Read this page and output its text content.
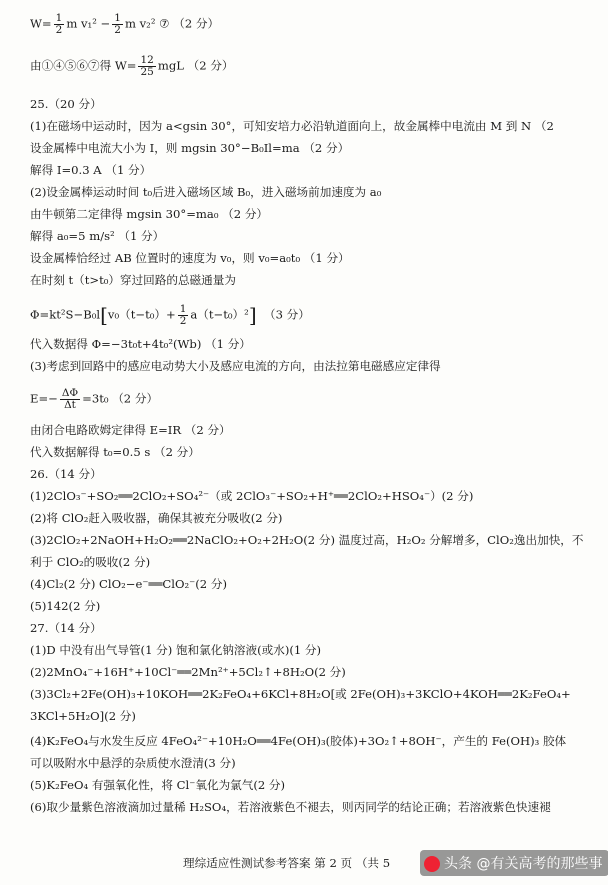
$W= \frac{1}{2}$ m $v_1^2 - \frac{1}{2}$ m v₂² ⑦ （2 分）
由①④⑤⑥⑦得 $W= \frac{12}{25}$ mgL （2 分）
25.（20 分）
(1)在磁场中运动时，因为 a<gsin 30°，可知安培力必沿轨道面向上，故金属棒中电流由 M 到 N （2
设金属棒中电流大小为 I，则 mgsin 30°−B₀Il=ma （2 分）
解得 I=0.3 A （1 分）
(2)设金属棒运动时间 t₀后进入磁场区域 B₀，进入磁场前加速度为 a₀
由牛顿第二定律得 mgsin 30°=ma₀ （2 分）
解得 a₀=5 m/s² （1 分）
设金属棒恰经过 AB 位置时的速度为 v₀，则 v₀=a₀t₀ （1 分）
在时刻 t（t>t₀）穿过回路的总磁通量为
$\Phi=kt^2S-B_0l[v_0(t-t_0)+ \frac{1}{2} a(t-t_0)^2]$ （3 分）
代入数据得 Φ=−3t₀t+4t₀²(Wb) （1 分）
(3)考虑到回路中的感应电动势大小及感应电流的方向，由法拉第电磁感应定律得
$E=- \frac{\Delta\Phi}{\Delta t} =3t_0$ （2 分）
由闭合电路欧姆定律得 E=IR （2 分）
代入数据解得 t₀=0.5 s （2 分）
26.（14 分）
(1)2ClO₃⁻+SO₂══2ClO₂+SO₄²⁻（或 2ClO₃⁻+SO₂+H⁺══2ClO₂+HSO₄⁻）(2 分)
(2)将 ClO₂赶入吸收器，确保其被充分吸收(2 分)
(3)2ClO₂+2NaOH+H₂O₂══2NaClO₂+O₂+2H₂O(2 分) 温度过高，H₂O₂ 分解增多，ClO₂逸出加快，不
利于 ClO₂的吸收(2 分)
(4)Cl₂(2 分) ClO₂−e⁻══ClO₂⁻(2 分)
(5)142(2 分)
27.（14 分）
(1)D 中没有出气导管(1 分) 饱和氯化钠溶液(或水)(1 分)
(2)2MnO₄⁻+16H⁺+10Cl⁻══2Mn²⁺+5Cl₂↑+8H₂O(2 分)
(3)3Cl₂+2Fe(OH)₃+10KOH══2K₂FeO₄+6KCl+8H₂O[或 2Fe(OH)₃+3KClO+4KOH══2K₂FeO₄+
3KCl+5H₂O](2 分)
(4)K₂FeO₄与水发生反应 4FeO₄²⁻+10H₂O══4Fe(OH)₃(胶体)+3O₂↑+8OH⁻，产生的 Fe(OH)₃ 胶体
可以吸附水中悬浮的杂质使水澄清(3 分)
(5)K₂FeO₄ 有强氧化性，将 Cl⁻氧化为氯气(2 分)
(6)取少量紫色溶液滴加过量稀 H₂SO₄，若溶液紫色不褪去，则丙同学的结论正确；若溶液紫色快速褪
理综适应性测试参考答案 第 2 页 （共 5	头条 @有关高考的那些事
